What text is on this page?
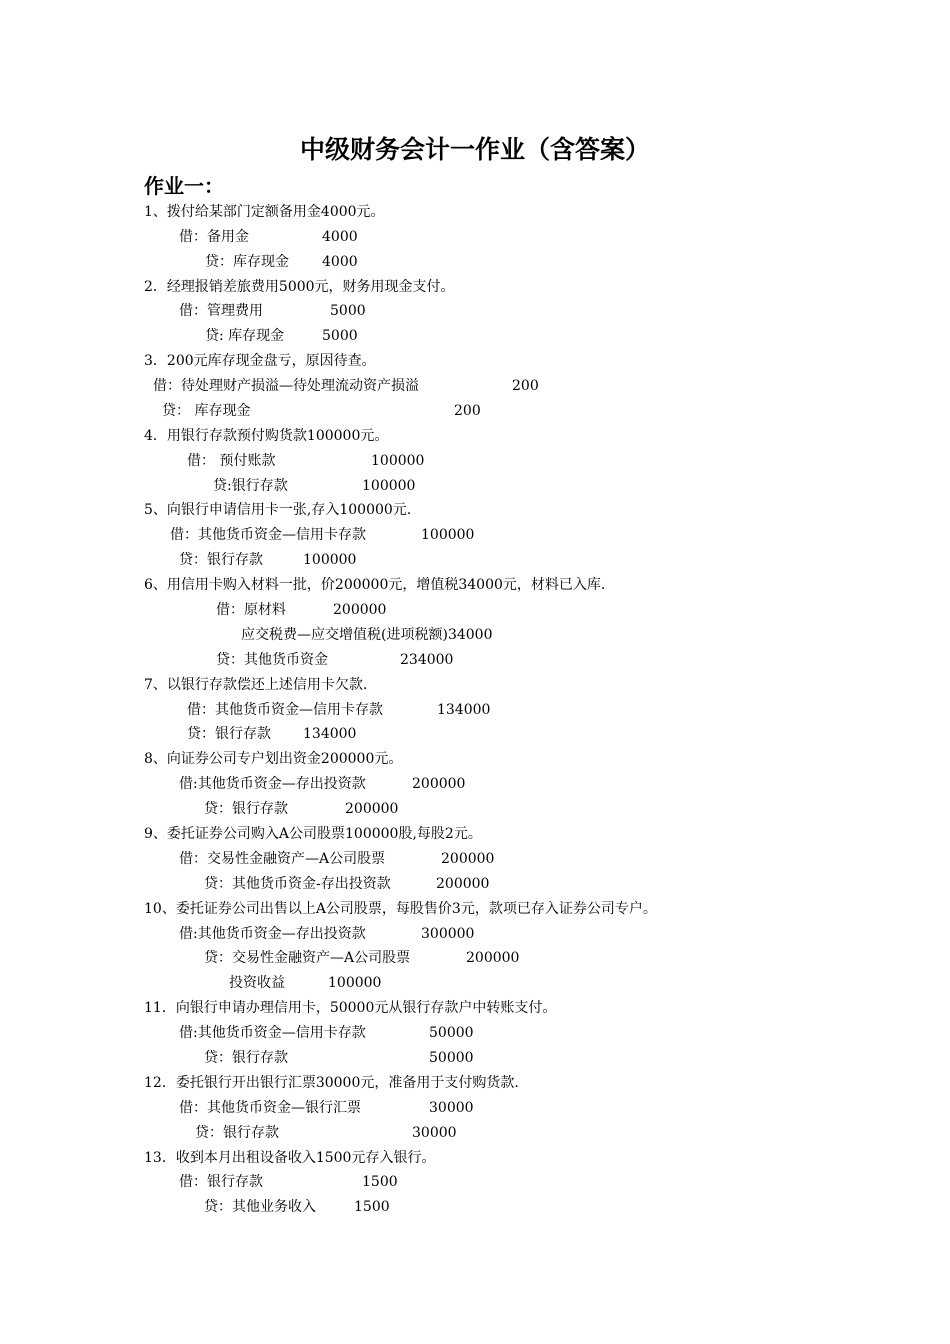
中级财务会计一作业（含答案）
作业一：
1、拨付给某部门定额备用金4000元。
借：备用金	4000
贷：库存现金 4000
2．经理报销差旅费用5000元，财务用现金支付。
借：管理费用	5000
贷: 库存现金	5000
3．200元库存现金盘亏，原因待查。
借：待处理财产损溢—待处理流动资产损溢	200
贷： 库存现金	200
4．用银行存款预付购货款100000元。
借： 预付账款	100000
贷:银行存款	100000
5、向银行申请信用卡一张,存入100000元.
借：其他货币资金—信用卡存款	100000
贷：银行存款	100000
6、用信用卡购入材料一批，价200000元，增值税34000元，材料已入库.
借：原材料	200000
应交税费—应交增值税(进项税额)34000
贷：其他货币资金	234000
7、以银行存款偿还上述信用卡欠款.
借：其他货币资金—信用卡存款	134000
贷：银行存款 134000
8、向证券公司专户划出资金200000元。
借:其他货币资金—存出投资款	200000
贷：银行存款	200000
9、委托证券公司购入A公司股票100000股,每股2元。
借：交易性金融资产—A公司股票	200000
贷：其他货币资金-存出投资款	200000
10、委托证券公司出售以上A公司股票，每股售价3元，款项已存入证券公司专户。
借:其他货币资金—存出投资款	300000
贷：交易性金融资产—A公司股票	200000
投资收益	100000
11．向银行申请办理信用卡，50000元从银行存款户中转账支付。
借:其他货币资金—信用卡存款	50000
贷：银行存款	50000
12．委托银行开出银行汇票30000元，准备用于支付购货款.
借：其他货币资金—银行汇票	30000
贷：银行存款	30000
13．收到本月出租设备收入1500元存入银行。
借：银行存款	1500
贷：其他业务收入	1500
